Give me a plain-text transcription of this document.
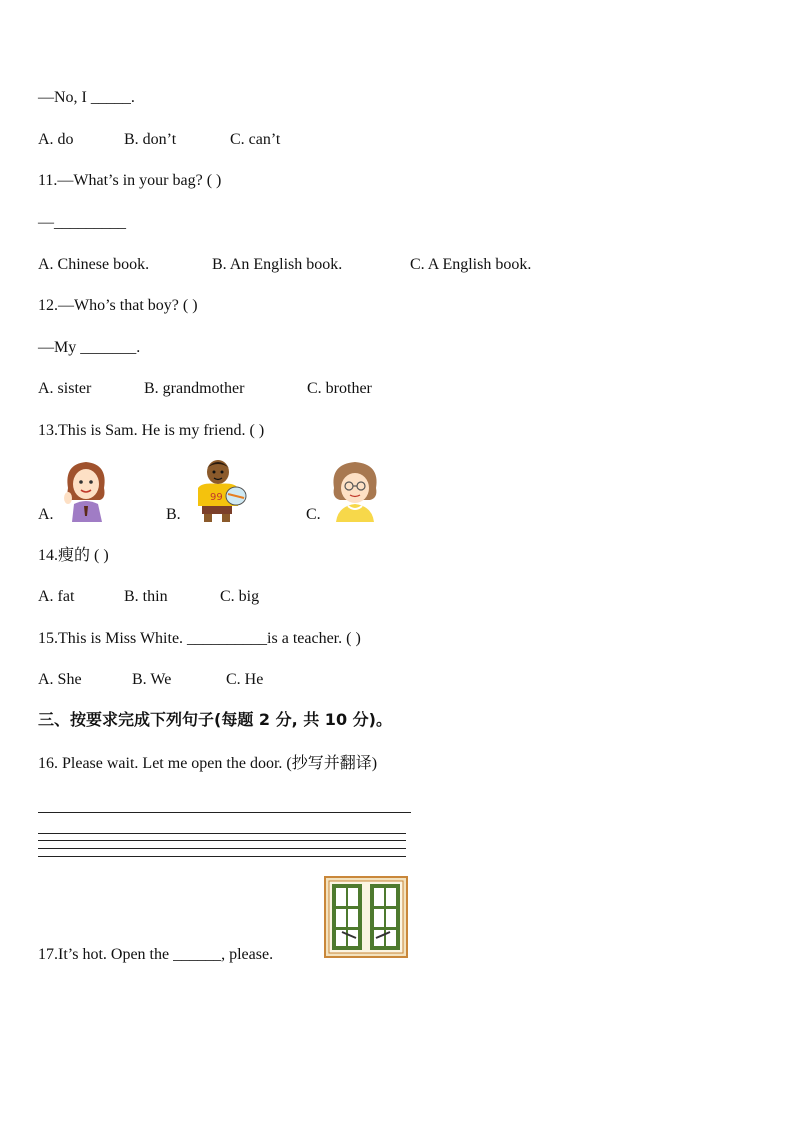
—No, I _____.
A. do	B. don’t	C. can’t
11.—What’s in your bag? ( )
—_________
A. Chinese book.	B. An English book.	C. A English book.
12.—Who’s that boy? ( )
—My _______.
A. sister	B. grandmother	C. brother
13.This is Sam. He is my friend. ( )
A.	B.	C.
99
14.瘦的 ( )
A. fat	B. thin	C. big
15.This is Miss White. __________is a teacher. ( )
A. She	B. We	C. He
三、按要求完成下列句子(每题 2 分, 共 10 分)。
16. Please wait. Let me open the door. (抄写并翻译)
17.It’s hot. Open the ______, please.
